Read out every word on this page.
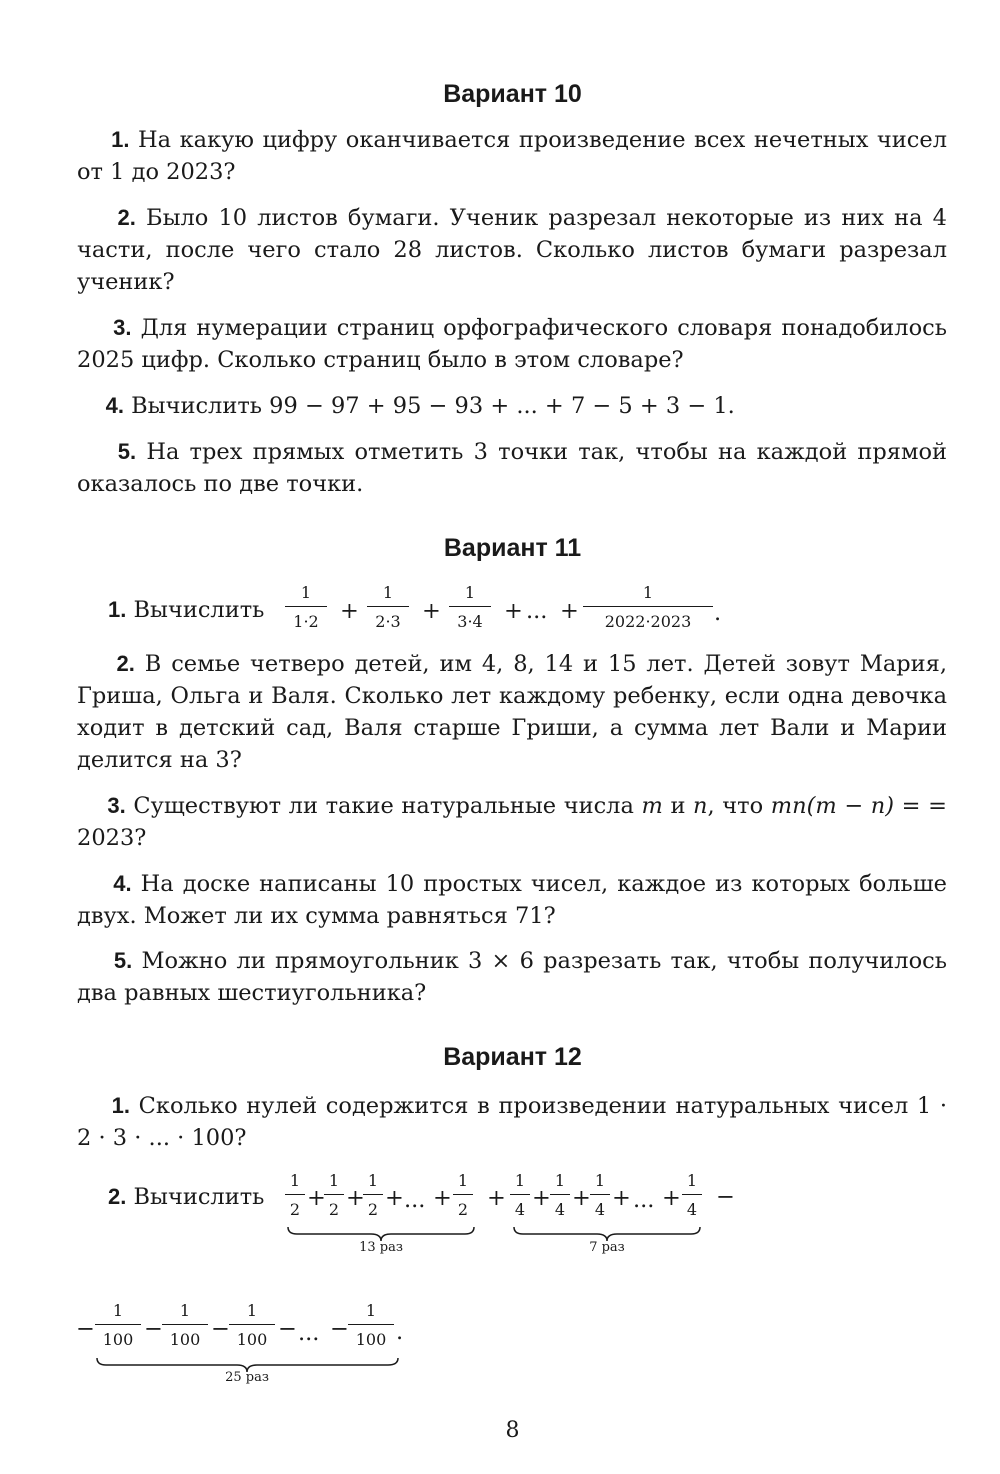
Вариант 10

1. На какую цифру оканчивается произведение всех нечетных чисел от 1 до 2023?

2. Было 10 листов бумаги. Ученик разрезал некоторые из них на 4 части, после чего стало 28 листов. Сколько листов бумаги разрезал ученик?

3. Для нумерации страниц орфографического словаря понадобилось 2025 цифр. Сколько страниц было в этом словаре?

4. Вычислить 99 − 97 + 95 − 93 + ... + 7 − 5 + 3 − 1.

5. На трех прямых отметить 3 точки так, чтобы на каждой прямой оказалось по две точки.

Вариант 11
1. Вычислить
1
1·2 +
1
2·3 +
1
3·4 + ... +
1
2022·2023	.

2. В семье четверо детей, им 4, 8, 14 и 15 лет. Детей зовут Мария, Гриша, Ольга и Валя. Сколько лет каждому ребенку, если одна девочка ходит в детский сад, Валя старше Гриши, а сумма лет Вали и Марии делится на 3?

3. Существуют ли такие натуральные числа m и n, что mn(m − n) = = 2023?

4. На доске написаны 10 простых чисел, каждое из которых больше двух. Может ли их сумма равняться 71?

5. Можно ли прямоугольник 3 × 6 разрезать так, чтобы получилось два равных шестиугольника?

Вариант 12

1. Сколько нулей содержится в произведении натуральных чисел 1 · 2 · 3 · ... · 100?

2. Вычислить
1
2 +
1
2 +
1
2 + ... +
1
2
13 раз
+
1
4 +
1
4 +
1
4 + ... +
1
4
7 раз
−
−
1
100 −
1
100 −
1
100 − ... −
1
100 .
25 раз
8
